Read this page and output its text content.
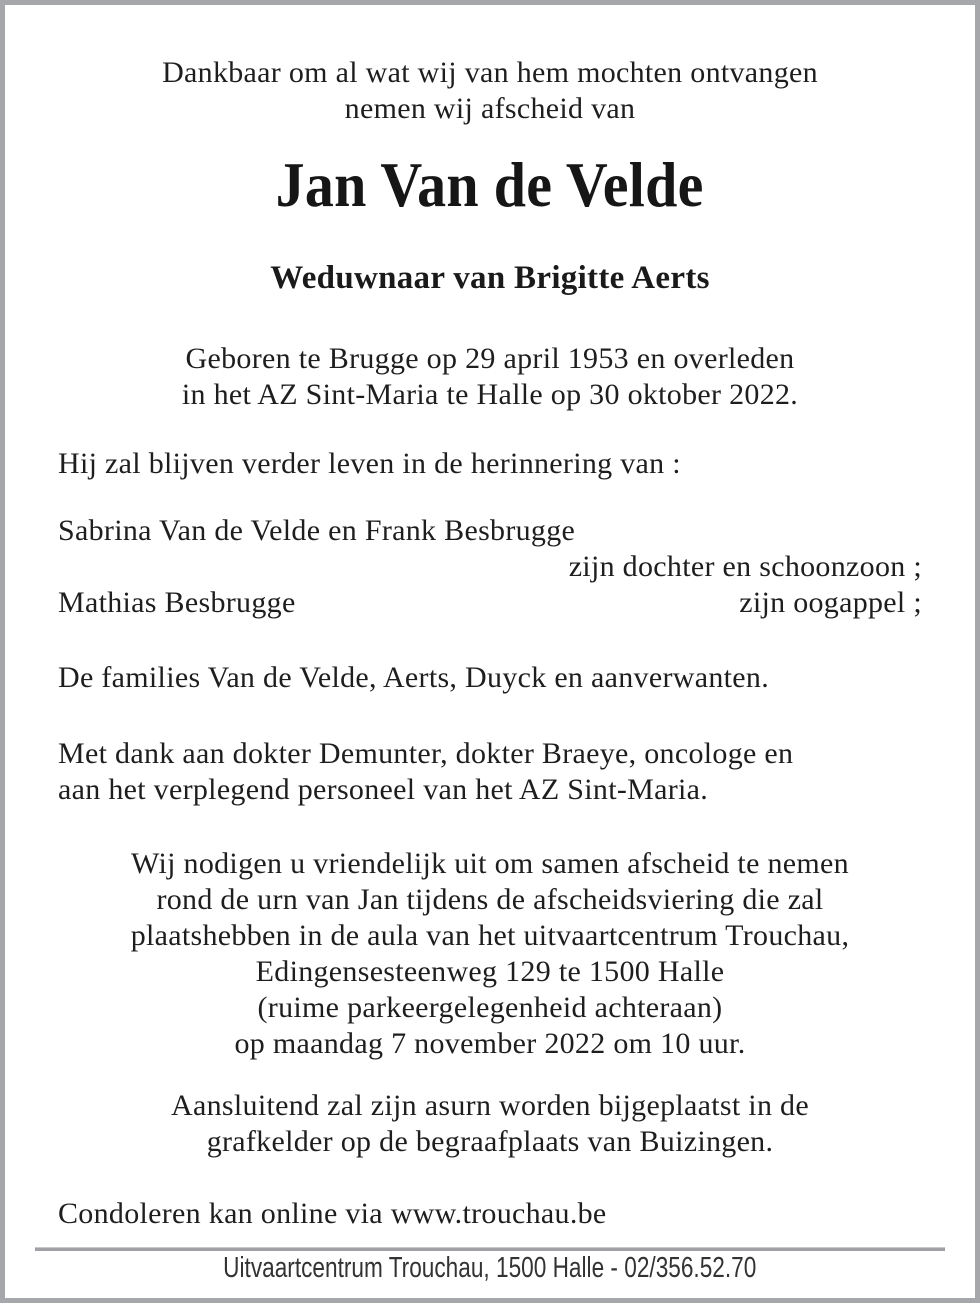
Dankbaar om al wat wij van hem mochten ontvangen
nemen wij afscheid van
Jan Van de Velde
Weduwnaar van Brigitte Aerts
Geboren te Brugge op 29 april 1953 en overleden
in het AZ Sint-Maria te Halle op 30 oktober 2022.
Hij zal blijven verder leven in de herinnering van :
Sabrina Van de Velde en Frank Besbrugge
zijn dochter en schoonzoon ;
Mathias Besbrugge	zijn oogappel ;
De families Van de Velde, Aerts, Duyck en aanverwanten.
Met dank aan dokter Demunter, dokter Braeye, oncologe en
aan het verplegend personeel van het AZ Sint-Maria.
Wij nodigen u vriendelijk uit om samen afscheid te nemen
rond de urn van Jan tijdens de afscheidsviering die zal
plaatshebben in de aula van het uitvaartcentrum Trouchau,
Edingensesteenweg 129 te 1500 Halle
(ruime parkeergelegenheid achteraan)
op maandag 7 november 2022 om 10 uur.
Aansluitend zal zijn asurn worden bijgeplaatst in de
grafkelder op de begraafplaats van Buizingen.
Condoleren kan online via www.trouchau.be
Uitvaartcentrum Trouchau, 1500 Halle - 02/356.52.70
